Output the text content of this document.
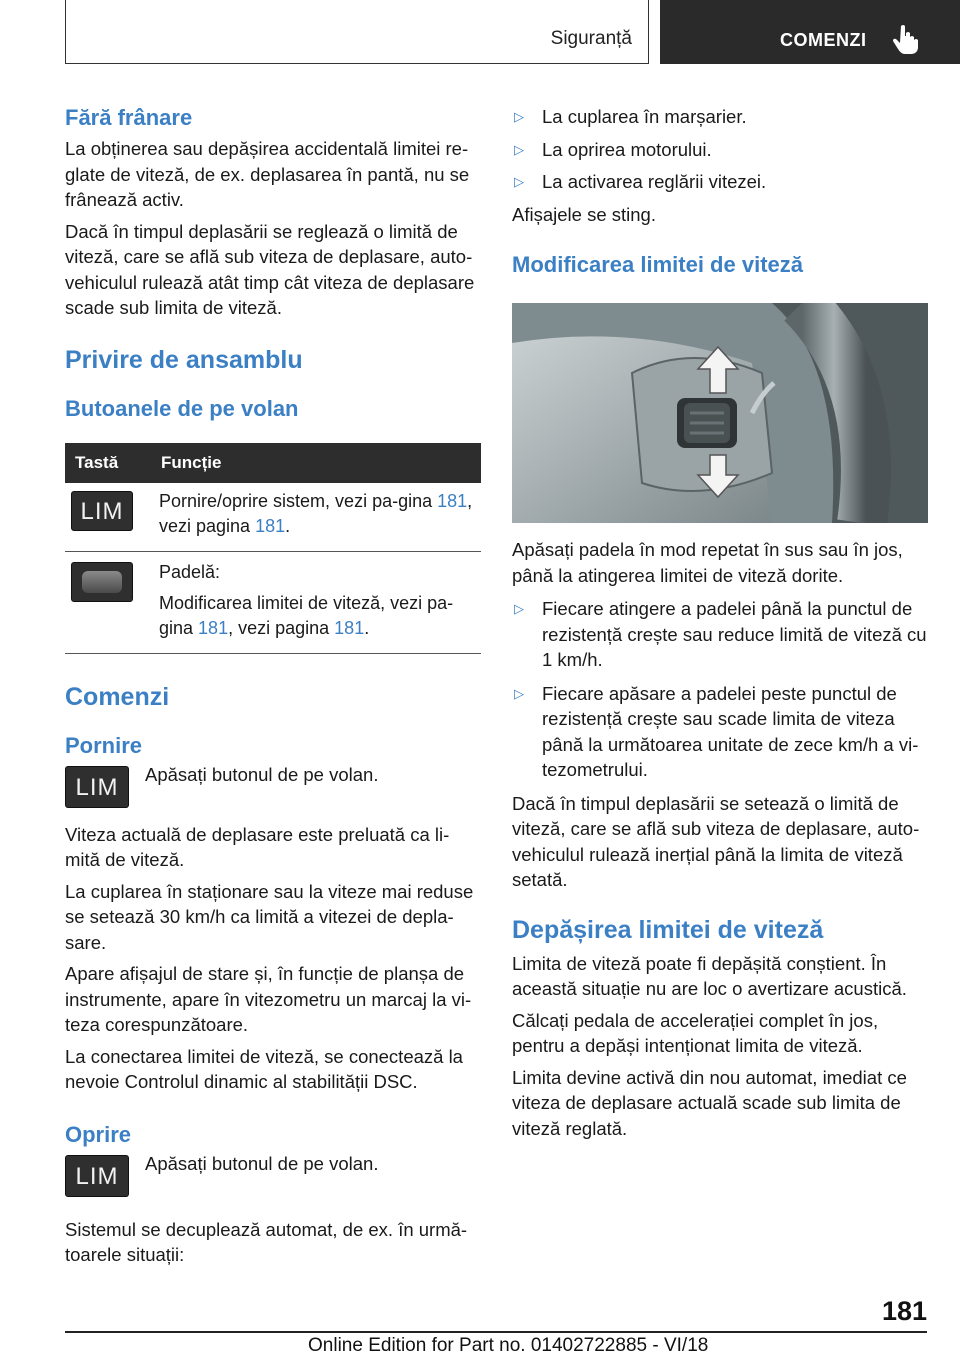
Siguranță	COMENZI
Fără frânare

La obținerea sau depășirea accidentală limitei re-glate de viteză, de ex. deplasarea în pantă, nu se frânează activ.

Dacă în timpul deplasării se reglează o limită de viteză, care se află sub viteza de deplasare, auto-vehiculul rulează atât timp cât viteza de deplasare scade sub limita de viteză.

Privire de ansamblu
Butoanele de pe volan
Tastă	Funcție
LIM	Pornire/oprire sistem, vezi pa-gina 181, vezi pagina 181.

	Padelă:
Modificarea limitei de viteză, vezi pa-gina 181, vezi pagina 181.
Comenzi
Pornire
LIM	Apăsați butonul de pe volan.

Viteza actuală de deplasare este preluată ca li-mită de viteză.

La cuplarea în staționare sau la viteze mai reduse se setează 30 km/h ca limită a vitezei de depla-sare.

Apare afișajul de stare și, în funcție de planșa de instrumente, apare în vitezometru un marcaj la vi-teza corespunzătoare.

La conectarea limitei de viteză, se conectează la nevoie Controlul dinamic al stabilității DSC.

Oprire
LIM	Apăsați butonul de pe volan.

Sistemul se decuplează automat, de ex. în urmă-toarele situații:

▷ La cuplarea în marșarier.
▷ La oprirea motorului.
▷ La activarea reglării vitezei.

Afișajele se sting.

Modificarea limitei de viteză

Apăsați padela în mod repetat în sus sau în jos, până la atingerea limitei de viteză dorite.

▷ Fiecare atingere a padelei până la punctul de rezistență crește sau reduce limită de viteză cu 1 km/h.
▷ Fiecare apăsare a padelei peste punctul de rezistență crește sau scade limita de viteza până la următoarea unitate de zece km/h a vi-tezometrului.

Dacă în timpul deplasării se setează o limită de viteză, care se află sub viteza de deplasare, auto-vehiculul rulează inerțial până la limita de viteză setată.

Depășirea limitei de viteză

Limita de viteză poate fi depășită conștient. În această situație nu are loc o avertizare acustică.

Călcați pedala de accelerației complet în jos, pentru a depăși intenționat limita de viteză.

Limita devine activă din nou automat, imediat ce viteza de deplasare actuală scade sub limita de viteză reglată.

181
Online Edition for Part no. 01402722885 - VI/18
